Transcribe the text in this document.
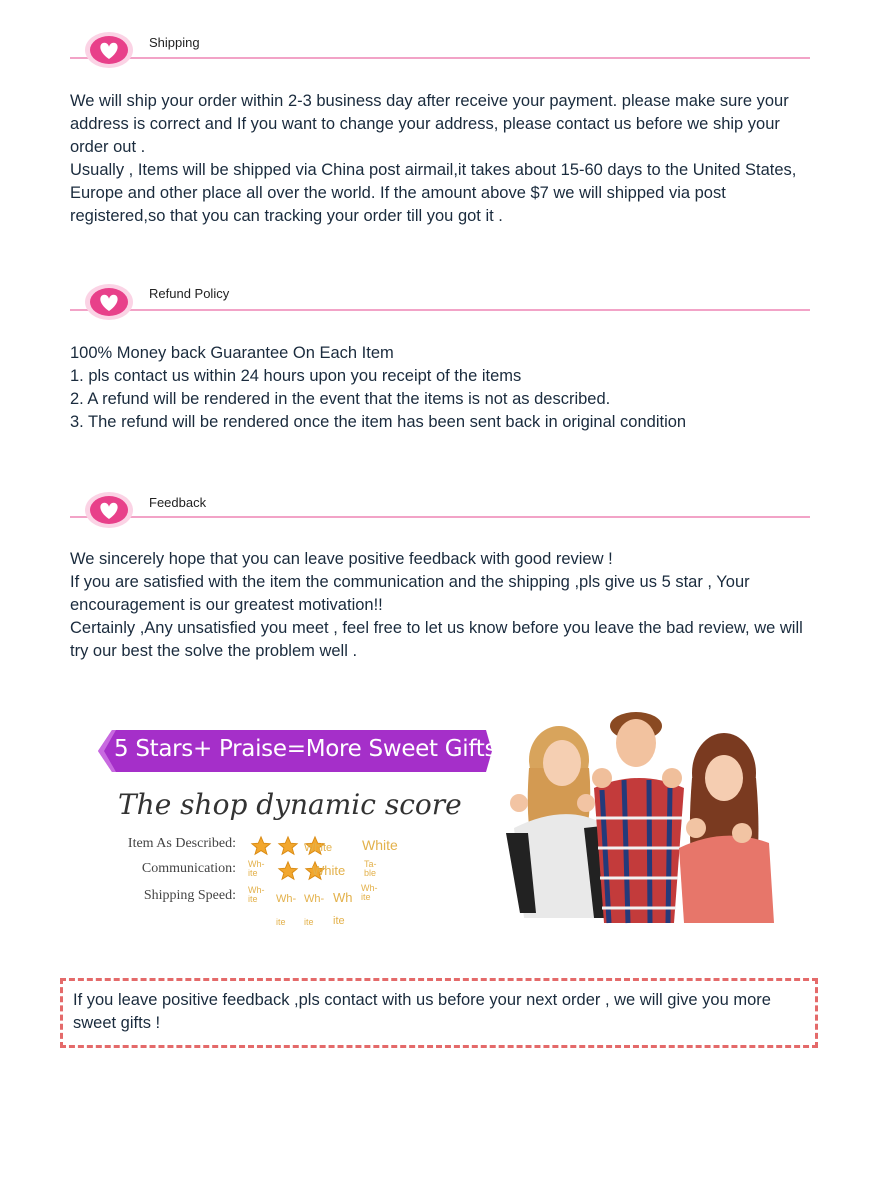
Shipping

We will ship your order within 2-3 business day after receive your payment. please make sure your address is correct and If you want to change your address, please contact us before we ship your order out .

Usually , Items will be shipped via China post airmail,it takes about 15-60 days to the United States, Europe and other place all over the world. If the amount above $7 we will shipped via post registered,so that you can tracking your order till you got it .

Refund Policy

100% Money back Guarantee On Each Item

1. pls contact us within 24 hours upon you receipt of the items

2. A refund will be rendered in the event that the items is not as described.

3. The refund will be rendered once the item has been sent back in original condition

Feedback

We sincerely hope that you can leave positive feedback with good review !

If you are satisfied with the item the communication and the shipping ,pls give us 5 star , Your encouragement is our greatest motivation!!

Certainly ,Any unsatisfied you meet , feel free to let us know before you leave the bad review, we will try our best the solve the problem well .

5 Stars+ Praise=More Sweet Gifts
The shop dynamic score
Item As Described:
Communication:
Shipping Speed:
White White
White
Wh-ite
Ta-ble
Wh-ite	Wh- Wh- Wh
Wh-ite
ite ite ite

If you leave positive feedback ,pls contact with us before your next order , we will give you more sweet gifts !
